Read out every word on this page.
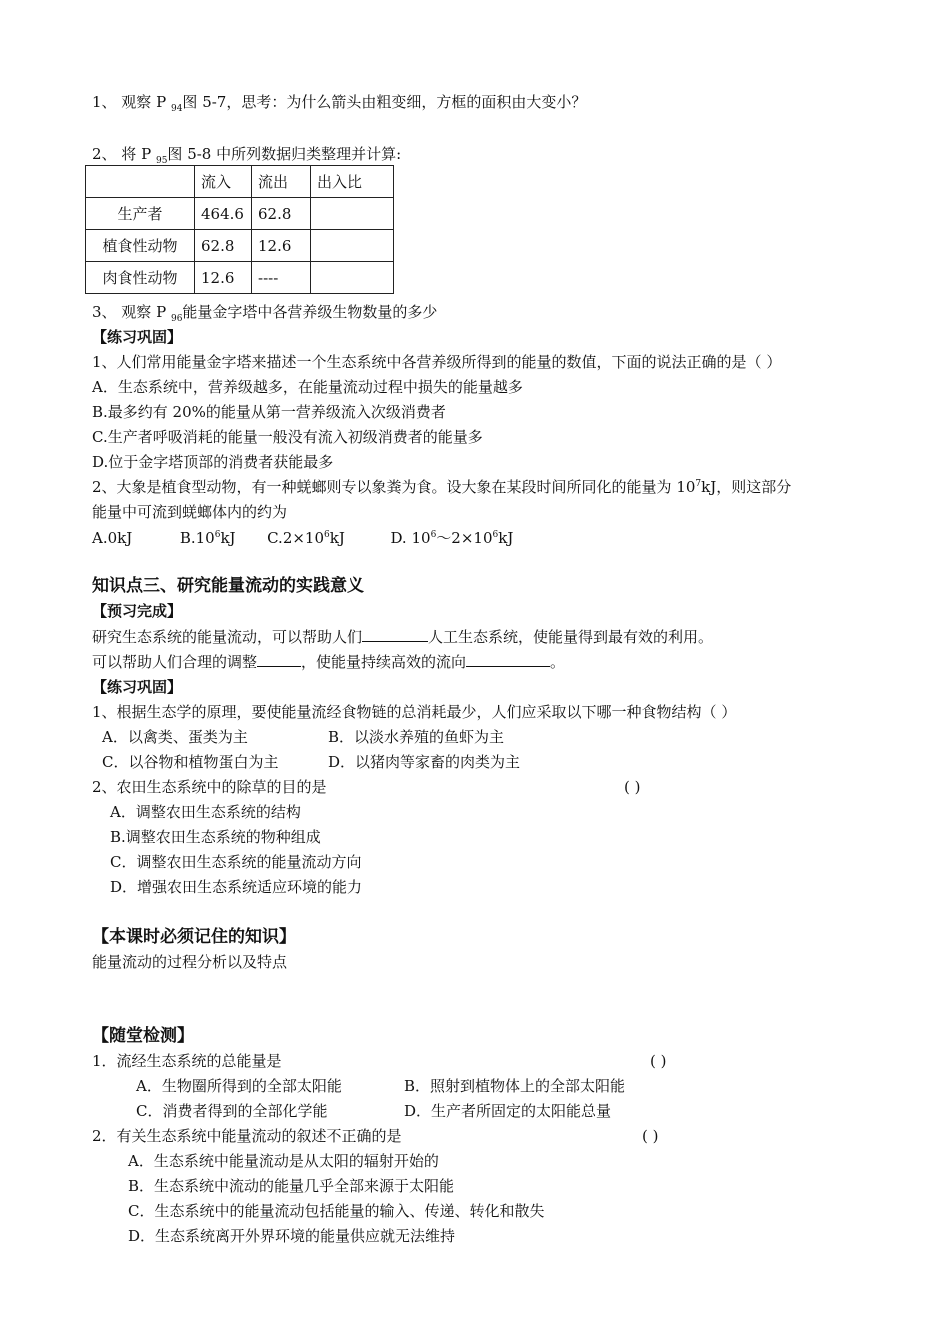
1、 观察 P $_{94}$图 5-7，思考：为什么箭头由粗变细，方框的面积由大变小？
2、 将 P $_{95}$图 5-8 中所列数据归类整理并计算:
	流入	流出	出入比
生产者	464.6	62.8	
植食性动物	62.8	12.6	
肉食性动物	12.6	----	
3、 观察 P $_{96}$能量金字塔中各营养级生物数量的多少
【练习巩固】
1、人们常用能量金字塔来描述一个生态系统中各营养级所得到的能量的数值，下面的说法正确的是（ ）
A．生态系统中，营养级越多，在能量流动过程中损失的能量越多
B.最多约有 20%的能量从第一营养级流入次级消费者
C.生产者呼吸消耗的能量一般没有流入初级消费者的能量多
D.位于金字塔顶部的消费者获能最多
2、大象是植食型动物，有一种蜣螂则专以象粪为食。设大象在某段时间所同化的能量为 $10^7kJ$，则这部分
能量中可流到蜣螂体内的约为
A.0kJ	$B.10^6kJ$ $C.2\times 10^6kJ$	D. $10^6\sim 2\times 10^6kJ$
知识点三、研究能量流动的实践意义
【预习完成】
研究生态系统的能量流动，可以帮助人们	人工生态系统，使能量得到最有效的利用。
可以帮助人们合理的调整	，使能量持续高效的流向	。
【练习巩固】
1、根据生态学的原理，要使能量流经食物链的总消耗最少，人们应采取以下哪一种食物结构（ ）
A．以禽类、蛋类为主	B．以淡水养殖的鱼虾为主
C．以谷物和植物蛋白为主	D．以猪肉等家畜的肉类为主
2、农田生态系统中的除草的目的是	( )
A．调整农田生态系统的结构
B.调整农田生态系统的物种组成
C．调整农田生态系统的能量流动方向
D．增强农田生态系统适应环境的能力
【本课时必须记住的知识】
能量流动的过程分析以及特点
【随堂检测】
1．流经生态系统的总能量是	( )
A．生物圈所得到的全部太阳能	B．照射到植物体上的全部太阳能
C．消费者得到的全部化学能	D．生产者所固定的太阳能总量
2．有关生态系统中能量流动的叙述不正确的是	( )
A．生态系统中能量流动是从太阳的辐射开始的
B．生态系统中流动的能量几乎全部来源于太阳能
C．生态系统中的能量流动包括能量的输入、传递、转化和散失
D．生态系统离开外界环境的能量供应就无法维持
